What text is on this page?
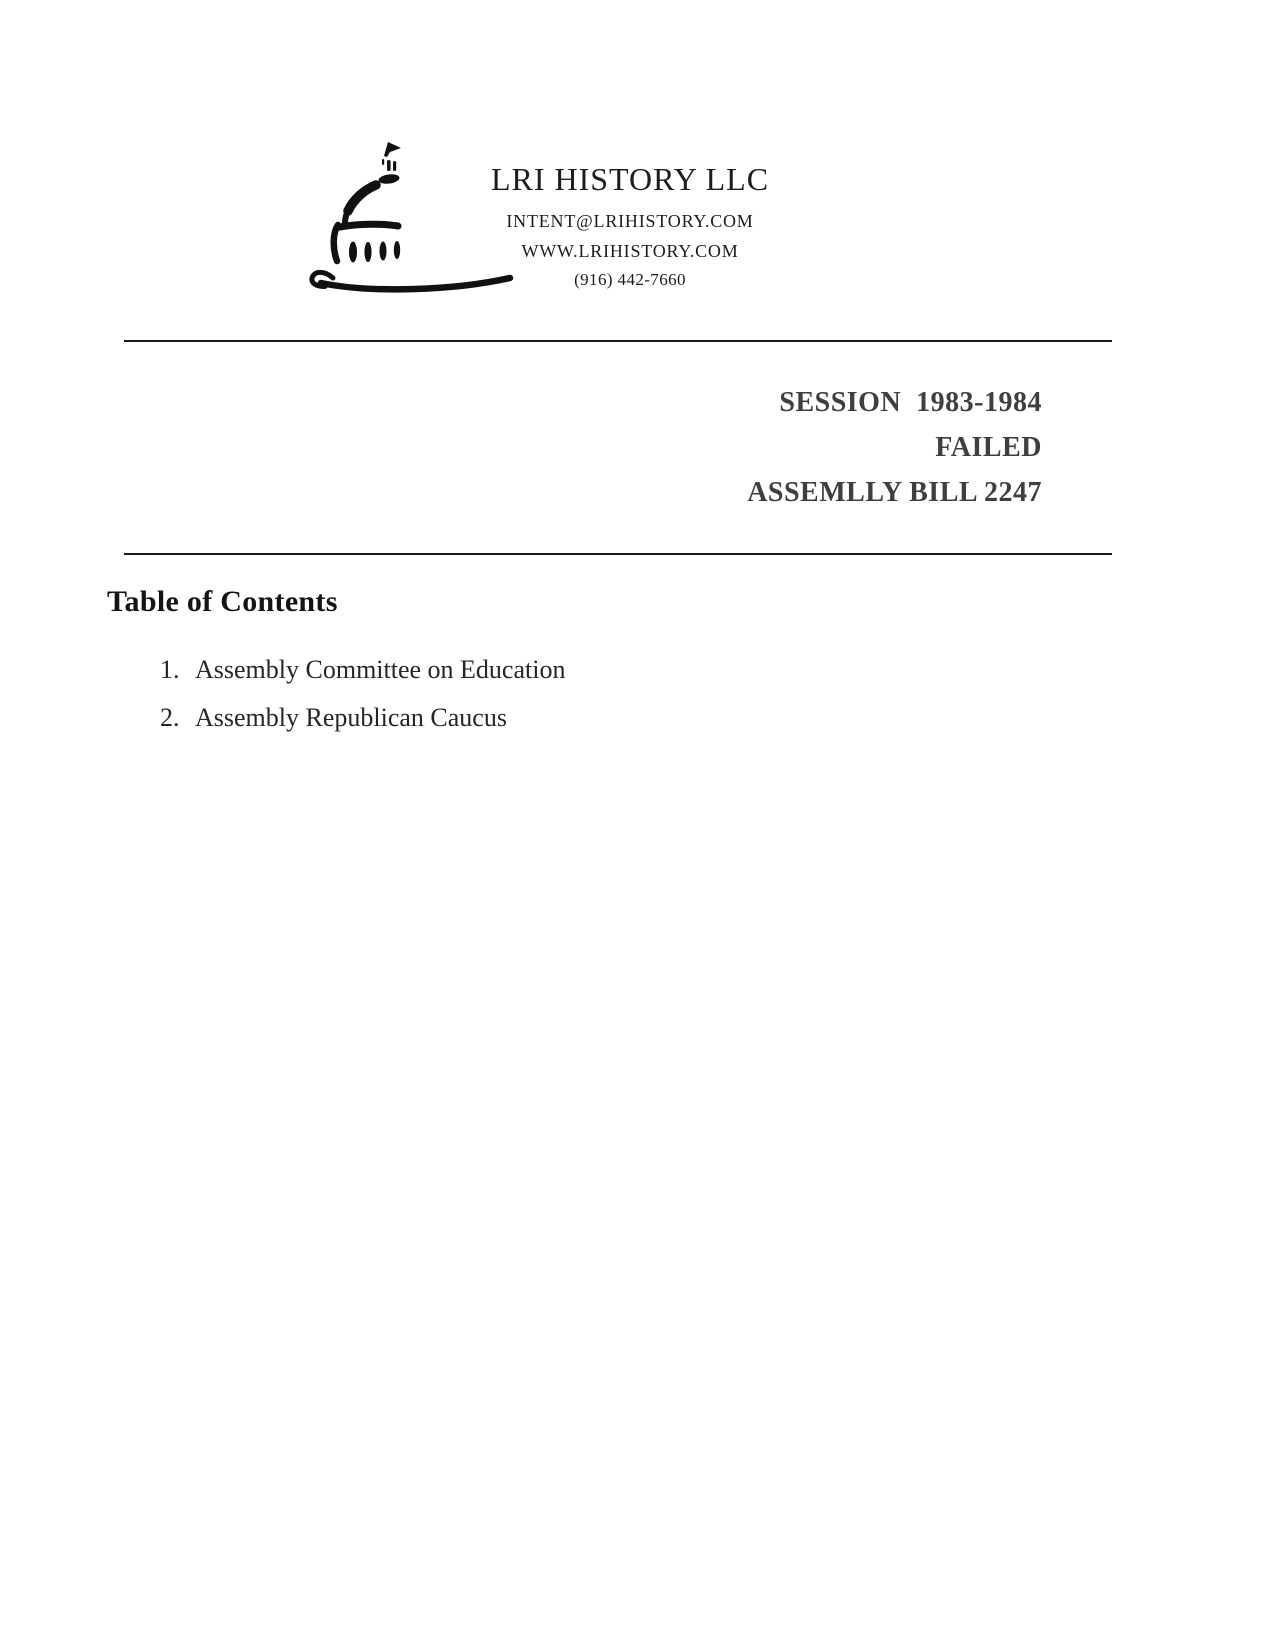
LRI HISTORY LLC
INTENT@LRIHISTORY.COM
WWW.LRIHISTORY.COM
(916) 442-7660
SESSION  1983-1984
FAILED
ASSEMLLY BILL 2247
Table of Contents
1. Assembly Committee on Education
2. Assembly Republican Caucus
